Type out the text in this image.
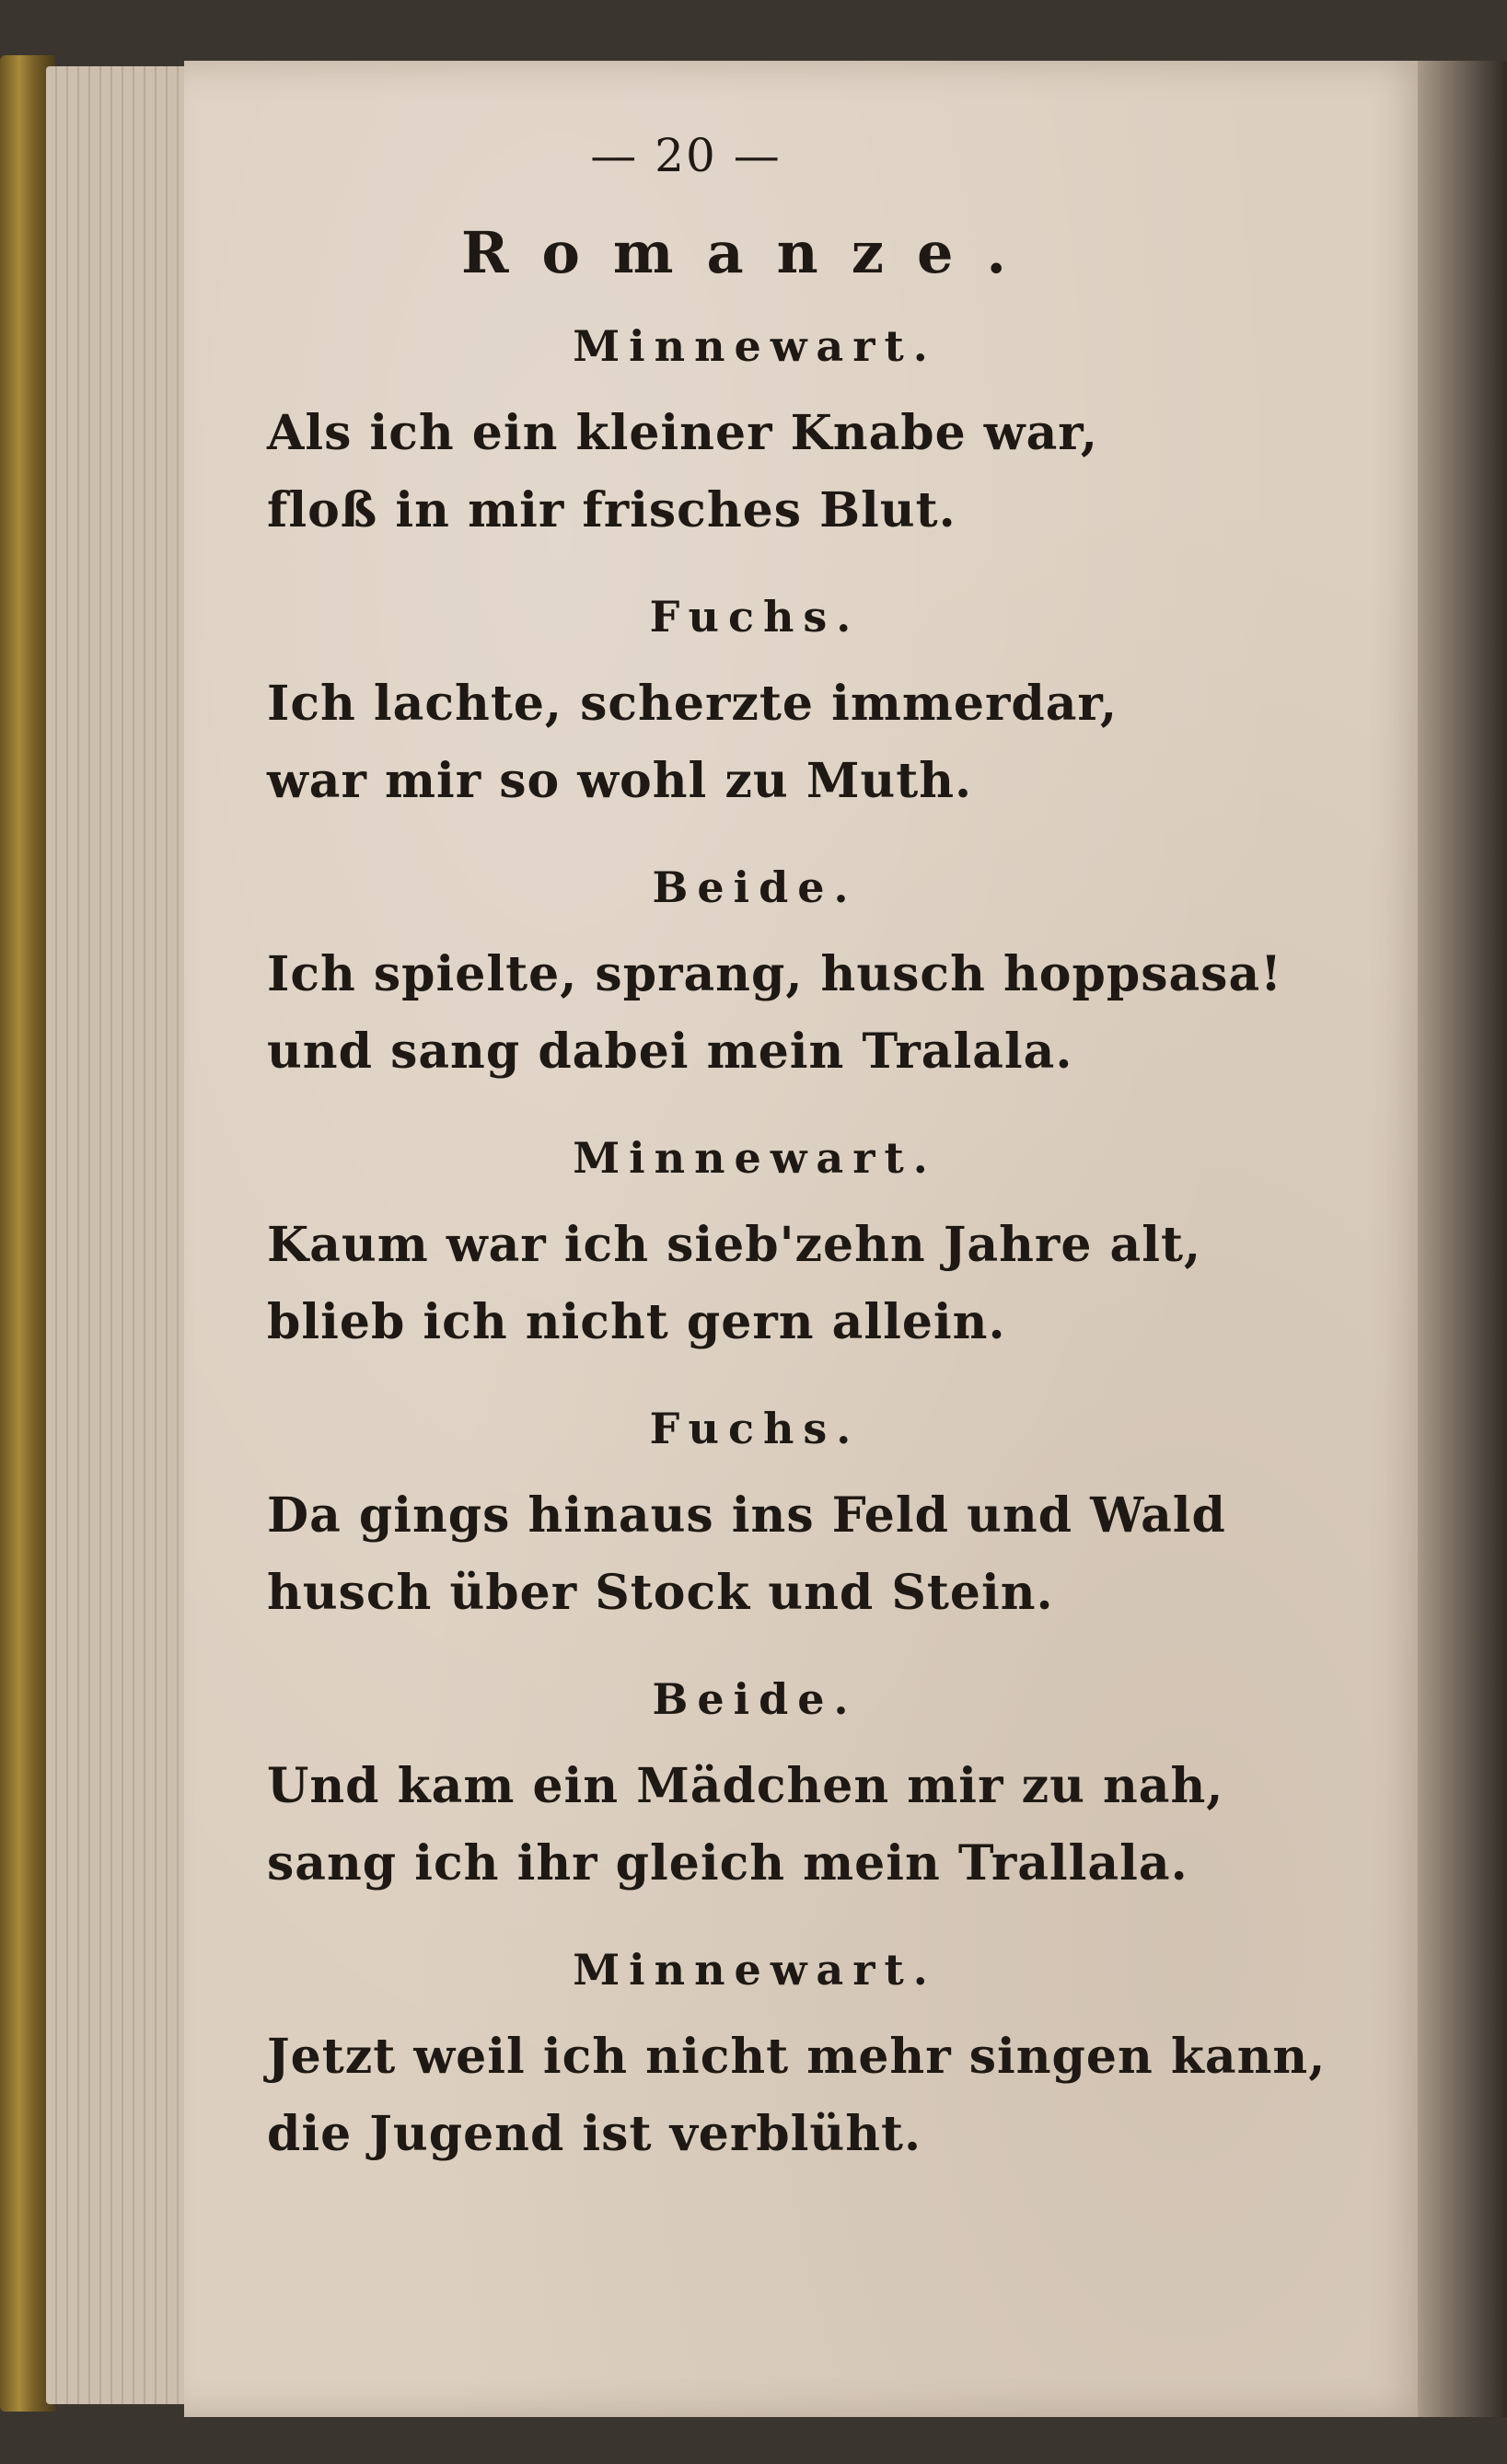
— 20 —
Romanze.
Minnewart.
Als ich ein kleiner Knabe war,
floß in mir frisches Blut.
Fuchs.
Ich lachte, scherzte immerdar,
war mir so wohl zu Muth.
Beide.
Ich spielte, sprang, husch hoppsasa!
und sang dabei mein Tralala.
Minnewart.
Kaum war ich sieb'zehn Jahre alt,
blieb ich nicht gern allein.
Fuchs.
Da gings hinaus ins Feld und Wald
husch über Stock und Stein.
Beide.
Und kam ein Mädchen mir zu nah,
sang ich ihr gleich mein Trallala.
Minnewart.
Jetzt weil ich nicht mehr singen kann,
die Jugend ist verblüht.
